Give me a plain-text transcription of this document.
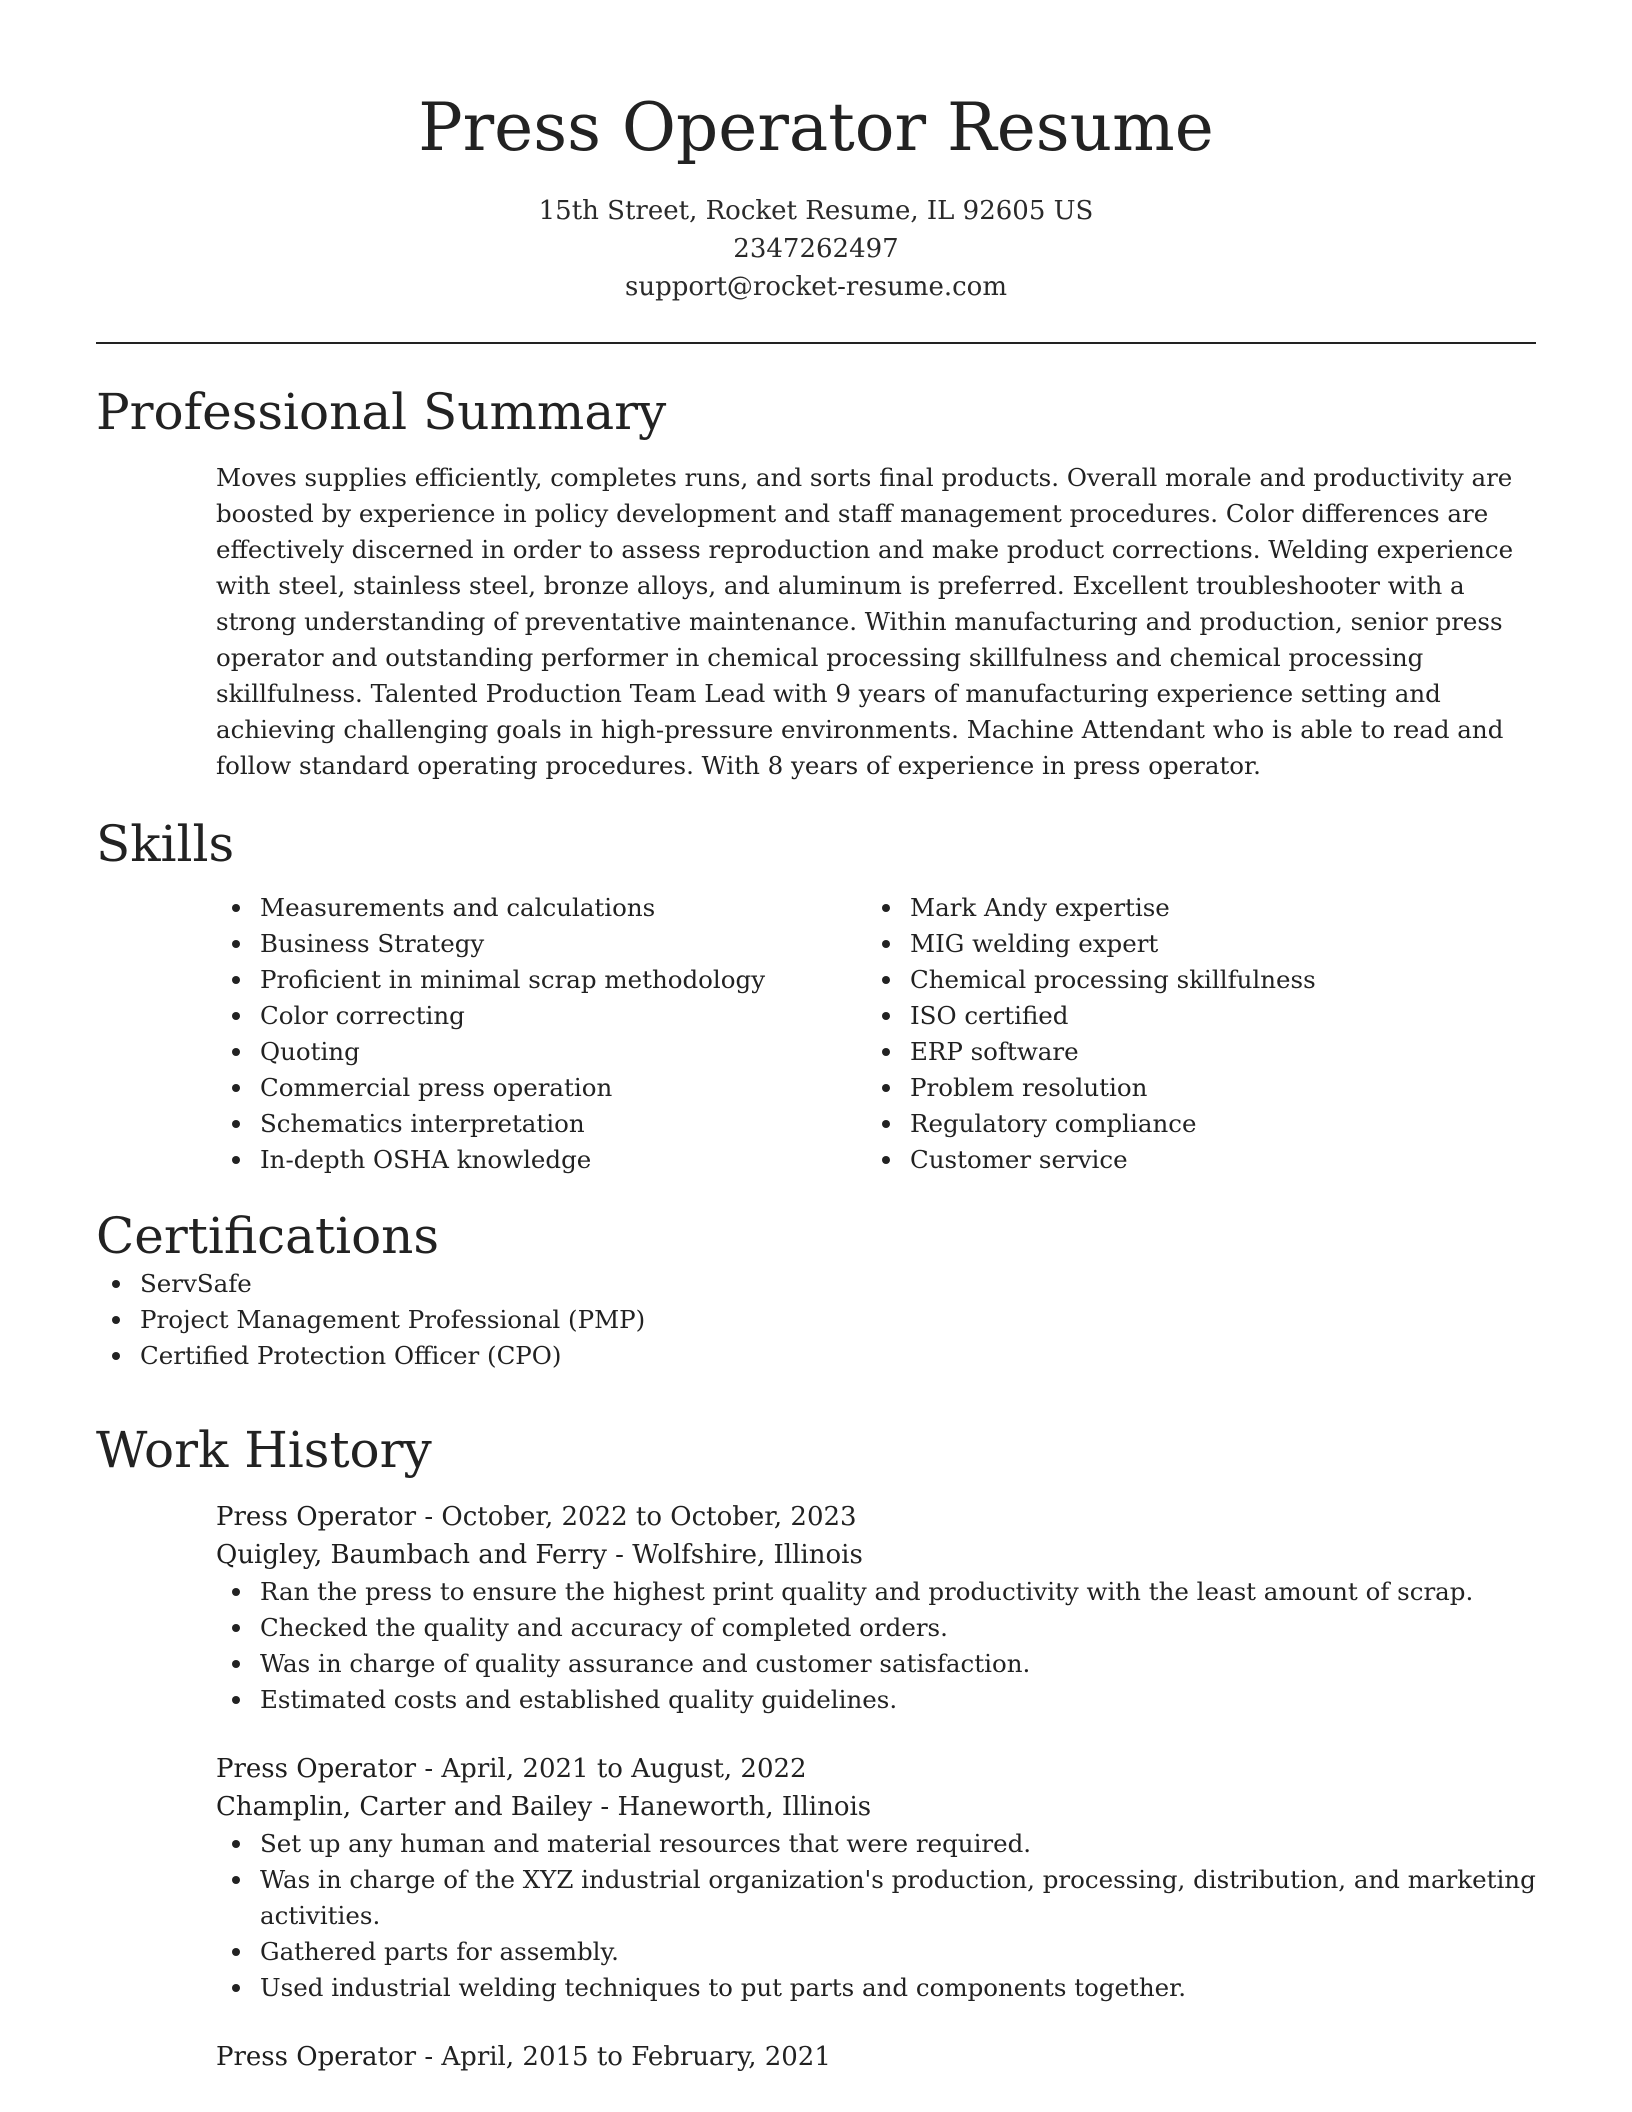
Press Operator Resume
15th Street, Rocket Resume, IL 92605 US
2347262497
support@rocket-resume.com
Professional Summary

Moves supplies efficiently, completes runs, and sorts final products. Overall morale and productivity are boosted by experience in policy development and staff management procedures. Color differences are effectively discerned in order to assess reproduction and make product corrections. Welding experience with steel, stainless steel, bronze alloys, and aluminum is preferred. Excellent troubleshooter with a strong understanding of preventative maintenance. Within manufacturing and production, senior press operator and outstanding performer in chemical processing skillfulness and chemical processing skillfulness. Talented Production Team Lead with 9 years of manufacturing experience setting and achieving challenging goals in high-pressure environments. Machine Attendant who is able to read and follow standard operating procedures. With 8 years of experience in press operator.

Skills
Measurements and calculations
Business Strategy
Proficient in minimal scrap methodology
Color correcting
Quoting
Commercial press operation
Schematics interpretation
In-depth OSHA knowledge
Mark Andy expertise
MIG welding expert
Chemical processing skillfulness
ISO certified
ERP software
Problem resolution
Regulatory compliance
Customer service
Certifications
ServSafe
Project Management Professional (PMP)
Certified Protection Officer (CPO)
Work History
Press Operator - October, 2022 to October, 2023
Quigley, Baumbach and Ferry - Wolfshire, Illinois
Ran the press to ensure the highest print quality and productivity with the least amount of scrap.
Checked the quality and accuracy of completed orders.
Was in charge of quality assurance and customer satisfaction.
Estimated costs and established quality guidelines.
Press Operator - April, 2021 to August, 2022
Champlin, Carter and Bailey - Haneworth, Illinois
Set up any human and material resources that were required.
Was in charge of the XYZ industrial organization's production, processing, distribution, and marketing activities.
Gathered parts for assembly.
Used industrial welding techniques to put parts and components together.
Press Operator - April, 2015 to February, 2021
